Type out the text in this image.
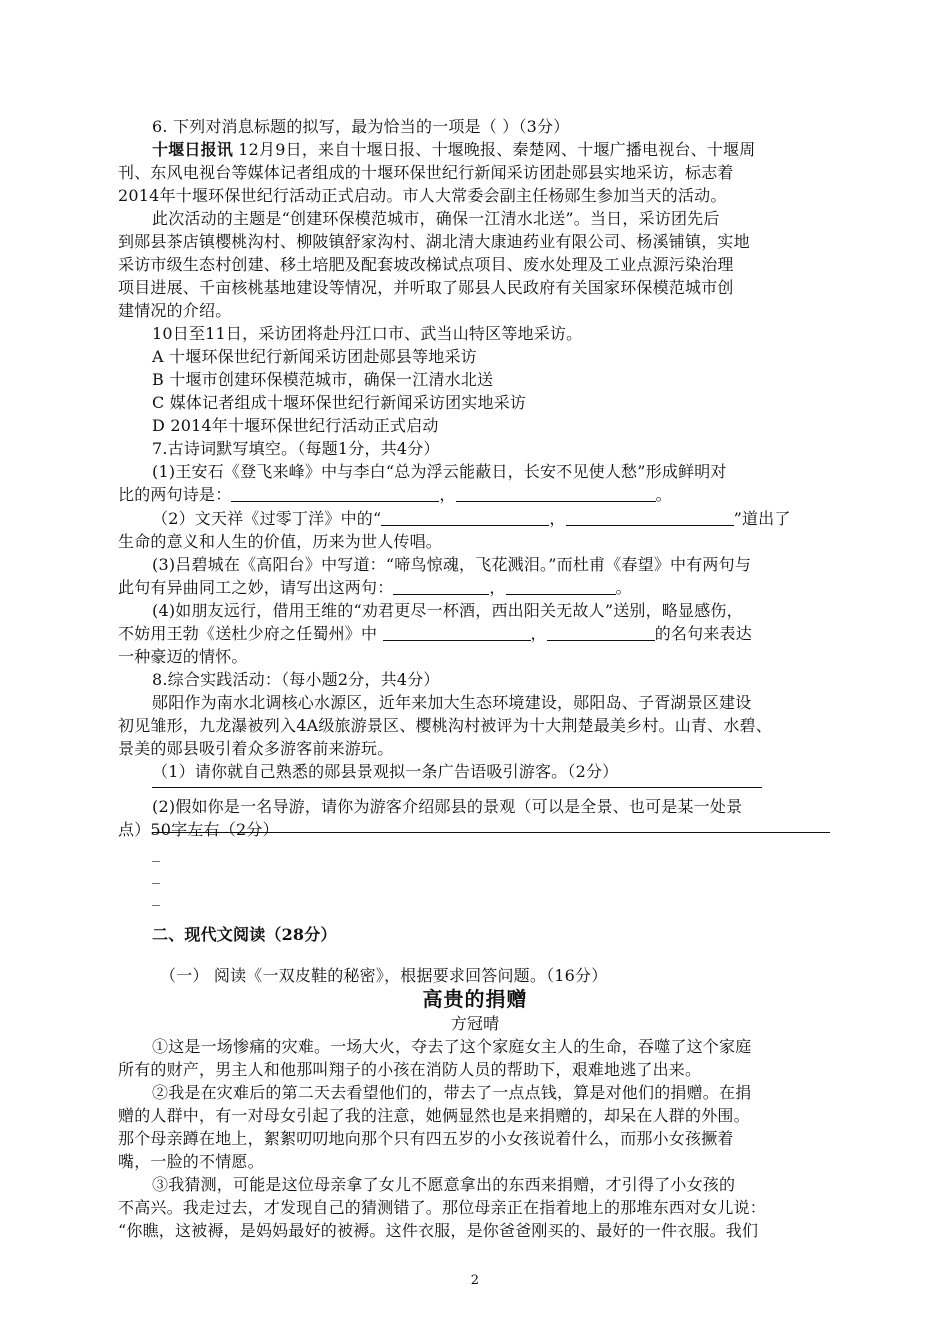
6. 下列对消息标题的拟写，最为恰当的一项是（ ）（3分）
十堰日报讯 12月9日，来自十堰日报、十堰晚报、秦楚网、十堰广播电视台、十堰周
刊、东风电视台等媒体记者组成的十堰环保世纪行新闻采访团赴郧县实地采访，标志着
2014年十堰环保世纪行活动正式启动。市人大常委会副主任杨郧生参加当天的活动。
此次活动的主题是“创建环保模范城市，确保一江清水北送”。当日，采访团先后
到郧县茶店镇樱桃沟村、柳陂镇舒家沟村、湖北清大康迪药业有限公司、杨溪铺镇，实地
采访市级生态村创建、移土培肥及配套坡改梯试点项目、废水处理及工业点源污染治理
项目进展、千亩核桃基地建设等情况，并听取了郧县人民政府有关国家环保模范城市创
建情况的介绍。
10日至11日，采访团将赴丹江口市、武当山特区等地采访。
A 十堰环保世纪行新闻采访团赴郧县等地采访
B 十堰市创建环保模范城市，确保一江清水北送
C 媒体记者组成十堰环保世纪行新闻采访团实地采访
D 2014年十堰环保世纪行活动正式启动
7.古诗词默写填空。（每题1分，共4分）
(1)王安石《登飞来峰》中与李白“总为浮云能蔽日，长安不见使人愁”形成鲜明对
比的两句诗是：	，	。
（2）文天祥《过零丁洋》中的“	，	”道出了
生命的意义和人生的价值，历来为世人传唱。
(3)吕碧城在《高阳台》中写道：“啼鸟惊魂，飞花溅泪。”而杜甫《春望》中有两句与
此句有异曲同工之妙，请写出这两句：	，	。
(4)如朋友远行，借用王维的“劝君更尽一杯酒，西出阳关无故人”送别，略显感伤，
不妨用王勃《送杜少府之任蜀州》中	，	的名句来表达
一种豪迈的情怀。
8.综合实践活动：（每小题2分，共4分）
郧阳作为南水北调核心水源区，近年来加大生态环境建设，郧阳岛、子胥湖景区建设
初见雏形，九龙瀑被列入4A级旅游景区、樱桃沟村被评为十大荆楚最美乡村。山青、水碧、
景美的郧县吸引着众多游客前来游玩。
（1）请你就自己熟悉的郧县景观拟一条广告语吸引游客。（2分）
(2)假如你是一名导游，请你为游客介绍郧县的景观（可以是全景、也可是某一处景
点）50字左右（2分）
_
_
_
二、现代文阅读（28分）
（一） 阅读《一双皮鞋的秘密》，根据要求回答问题。（16分）
高贵的捐赠
方冠晴
①这是一场惨痛的灾难。一场大火，夺去了这个家庭女主人的生命，吞噬了这个家庭
所有的财产，男主人和他那叫翔子的小孩在消防人员的帮助下，艰难地逃了出来。
②我是在灾难后的第二天去看望他们的，带去了一点点钱，算是对他们的捐赠。在捐
赠的人群中，有一对母女引起了我的注意，她俩显然也是来捐赠的，却呆在人群的外围。
那个母亲蹲在地上，絮絮叨叨地向那个只有四五岁的小女孩说着什么，而那小女孩撅着
嘴，一脸的不情愿。
③我猜测，可能是这位母亲拿了女儿不愿意拿出的东西来捐赠，才引得了小女孩的
不高兴。我走过去，才发现自己的猜测错了。那位母亲正在指着地上的那堆东西对女儿说：
“你瞧，这被褥，是妈妈最好的被褥。这件衣服，是你爸爸刚买的、最好的一件衣服。我们
2
